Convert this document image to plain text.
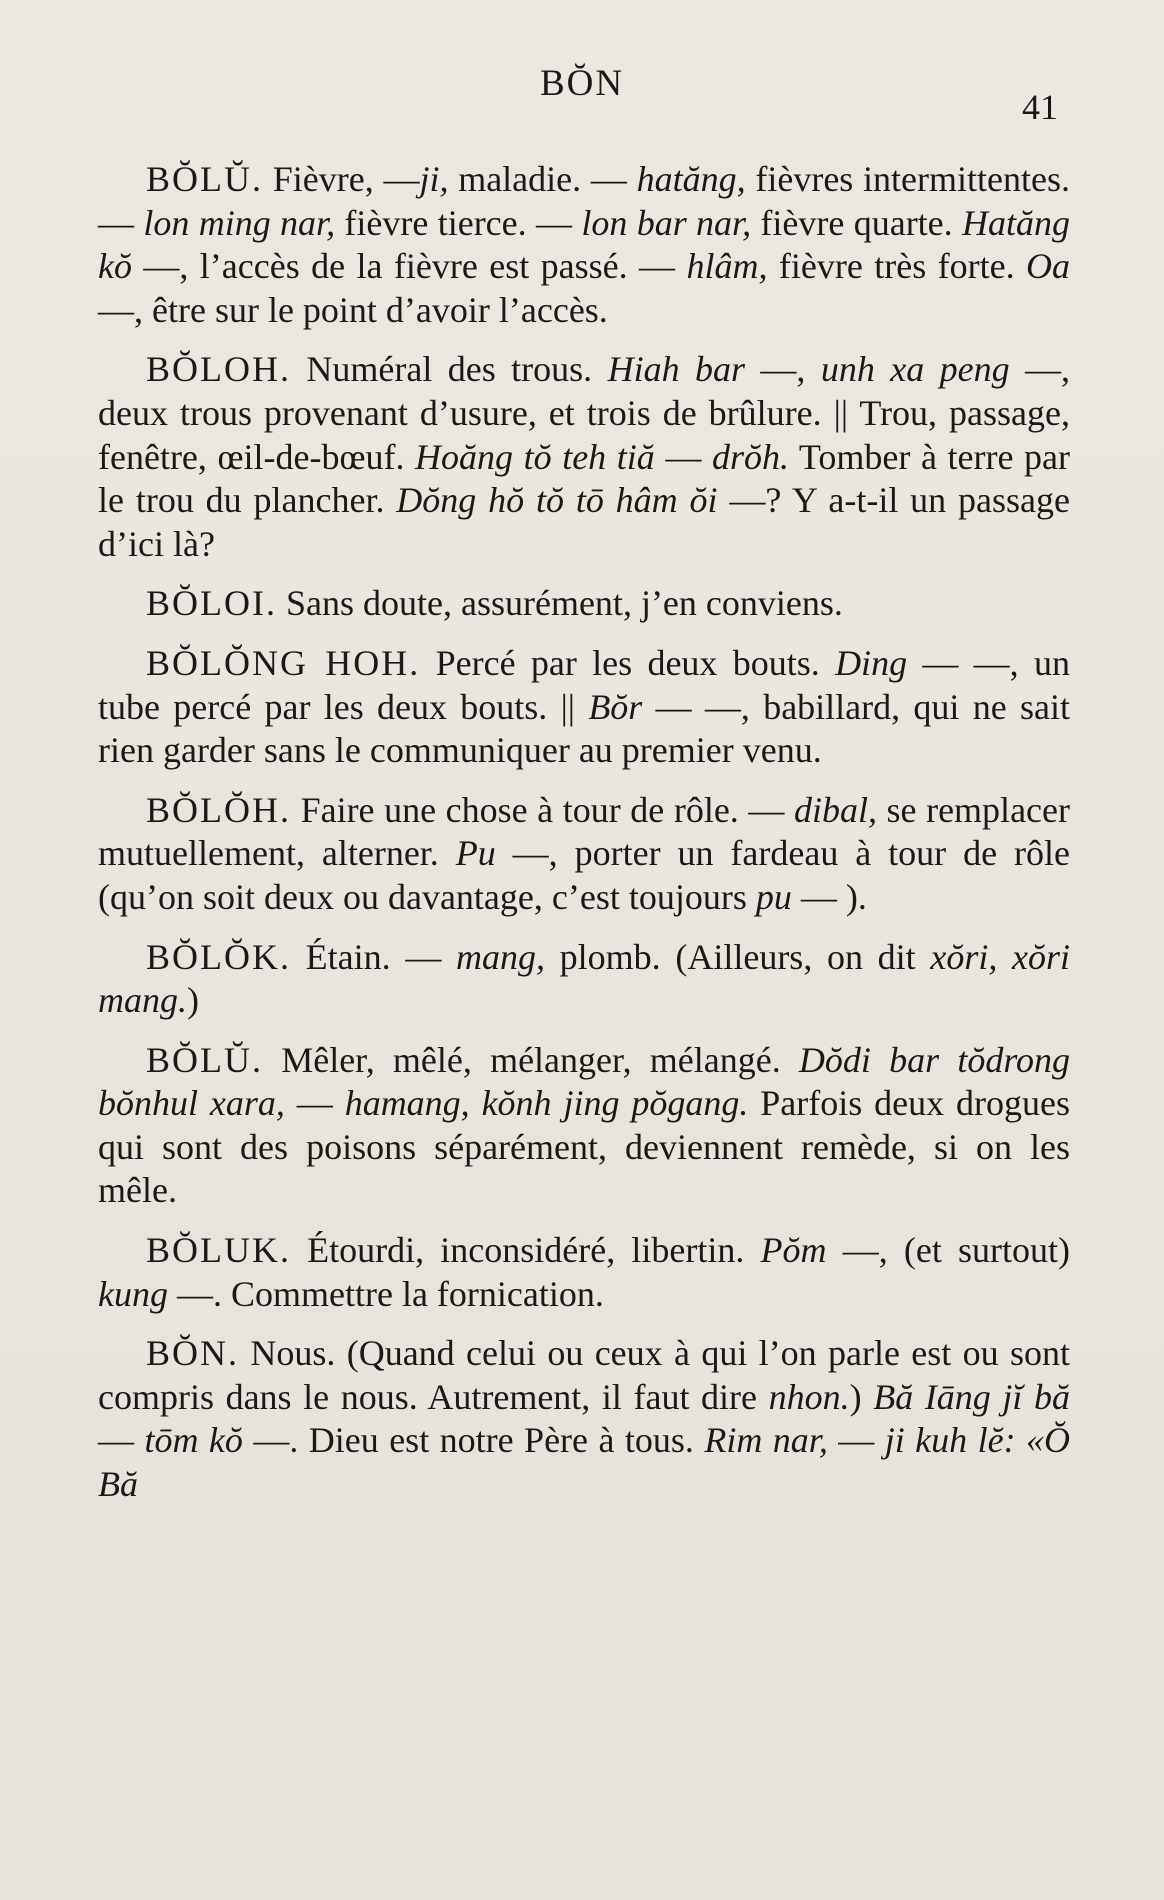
BŎN
41

BŎLŬ. Fièvre, —ji, maladie. — hatăng, fièvres intermittentes. — lon ming nar, fièvre tierce. — lon bar nar, fièvre quarte. Hatăng kŏ —, l’accès de la fièvre est passé. — hlâm, fièvre très forte. Oa —, être sur le point d’avoir l’accès.

BŎLOH. Numéral des trous. Hiah bar —, unh xa peng —, deux trous provenant d’usure, et trois de brûlure. || Trou, passage, fenêtre, œil-de-bœuf. Hoăng tŏ teh tiă — drŏh. Tomber à terre par le trou du plancher. Dŏng hŏ tŏ tō hâm ŏi —? Y a-t-il un passage d’ici là?

BŎLOI. Sans doute, assurément, j’en conviens.

BŎLŎNG HOH. Percé par les deux bouts. Ding — —, un tube percé par les deux bouts. || Bŏr — —, babillard, qui ne sait rien garder sans le communiquer au premier venu.

BŎLŎH. Faire une chose à tour de rôle. — dibal, se remplacer mutuellement, alterner. Pu —, porter un fardeau à tour de rôle (qu’on soit deux ou davantage, c’est toujours pu — ).

BŎLŎK. Étain. — mang, plomb. (Ailleurs, on dit xŏri, xŏri mang.)

BŎLŬ. Mêler, mêlé, mélanger, mélangé. Dŏdi bar tŏdrong bŏnhul xara, — hamang, kŏnh jing pŏgang. Parfois deux drogues qui sont des poisons séparément, deviennent remède, si on les mêle.

BŎLUK. Étourdi, inconsidéré, libertin. Pŏm —, (et surtout) kung —. Commettre la fornication.

BŎN. Nous. (Quand celui ou ceux à qui l’on parle est ou sont compris dans le nous. Autrement, il faut dire nhon.) Bă Iāng jĭ bă — tōm kŏ —. Dieu est notre Père à tous. Rim nar, — ji kuh lĕ: «Ŏ Bă
